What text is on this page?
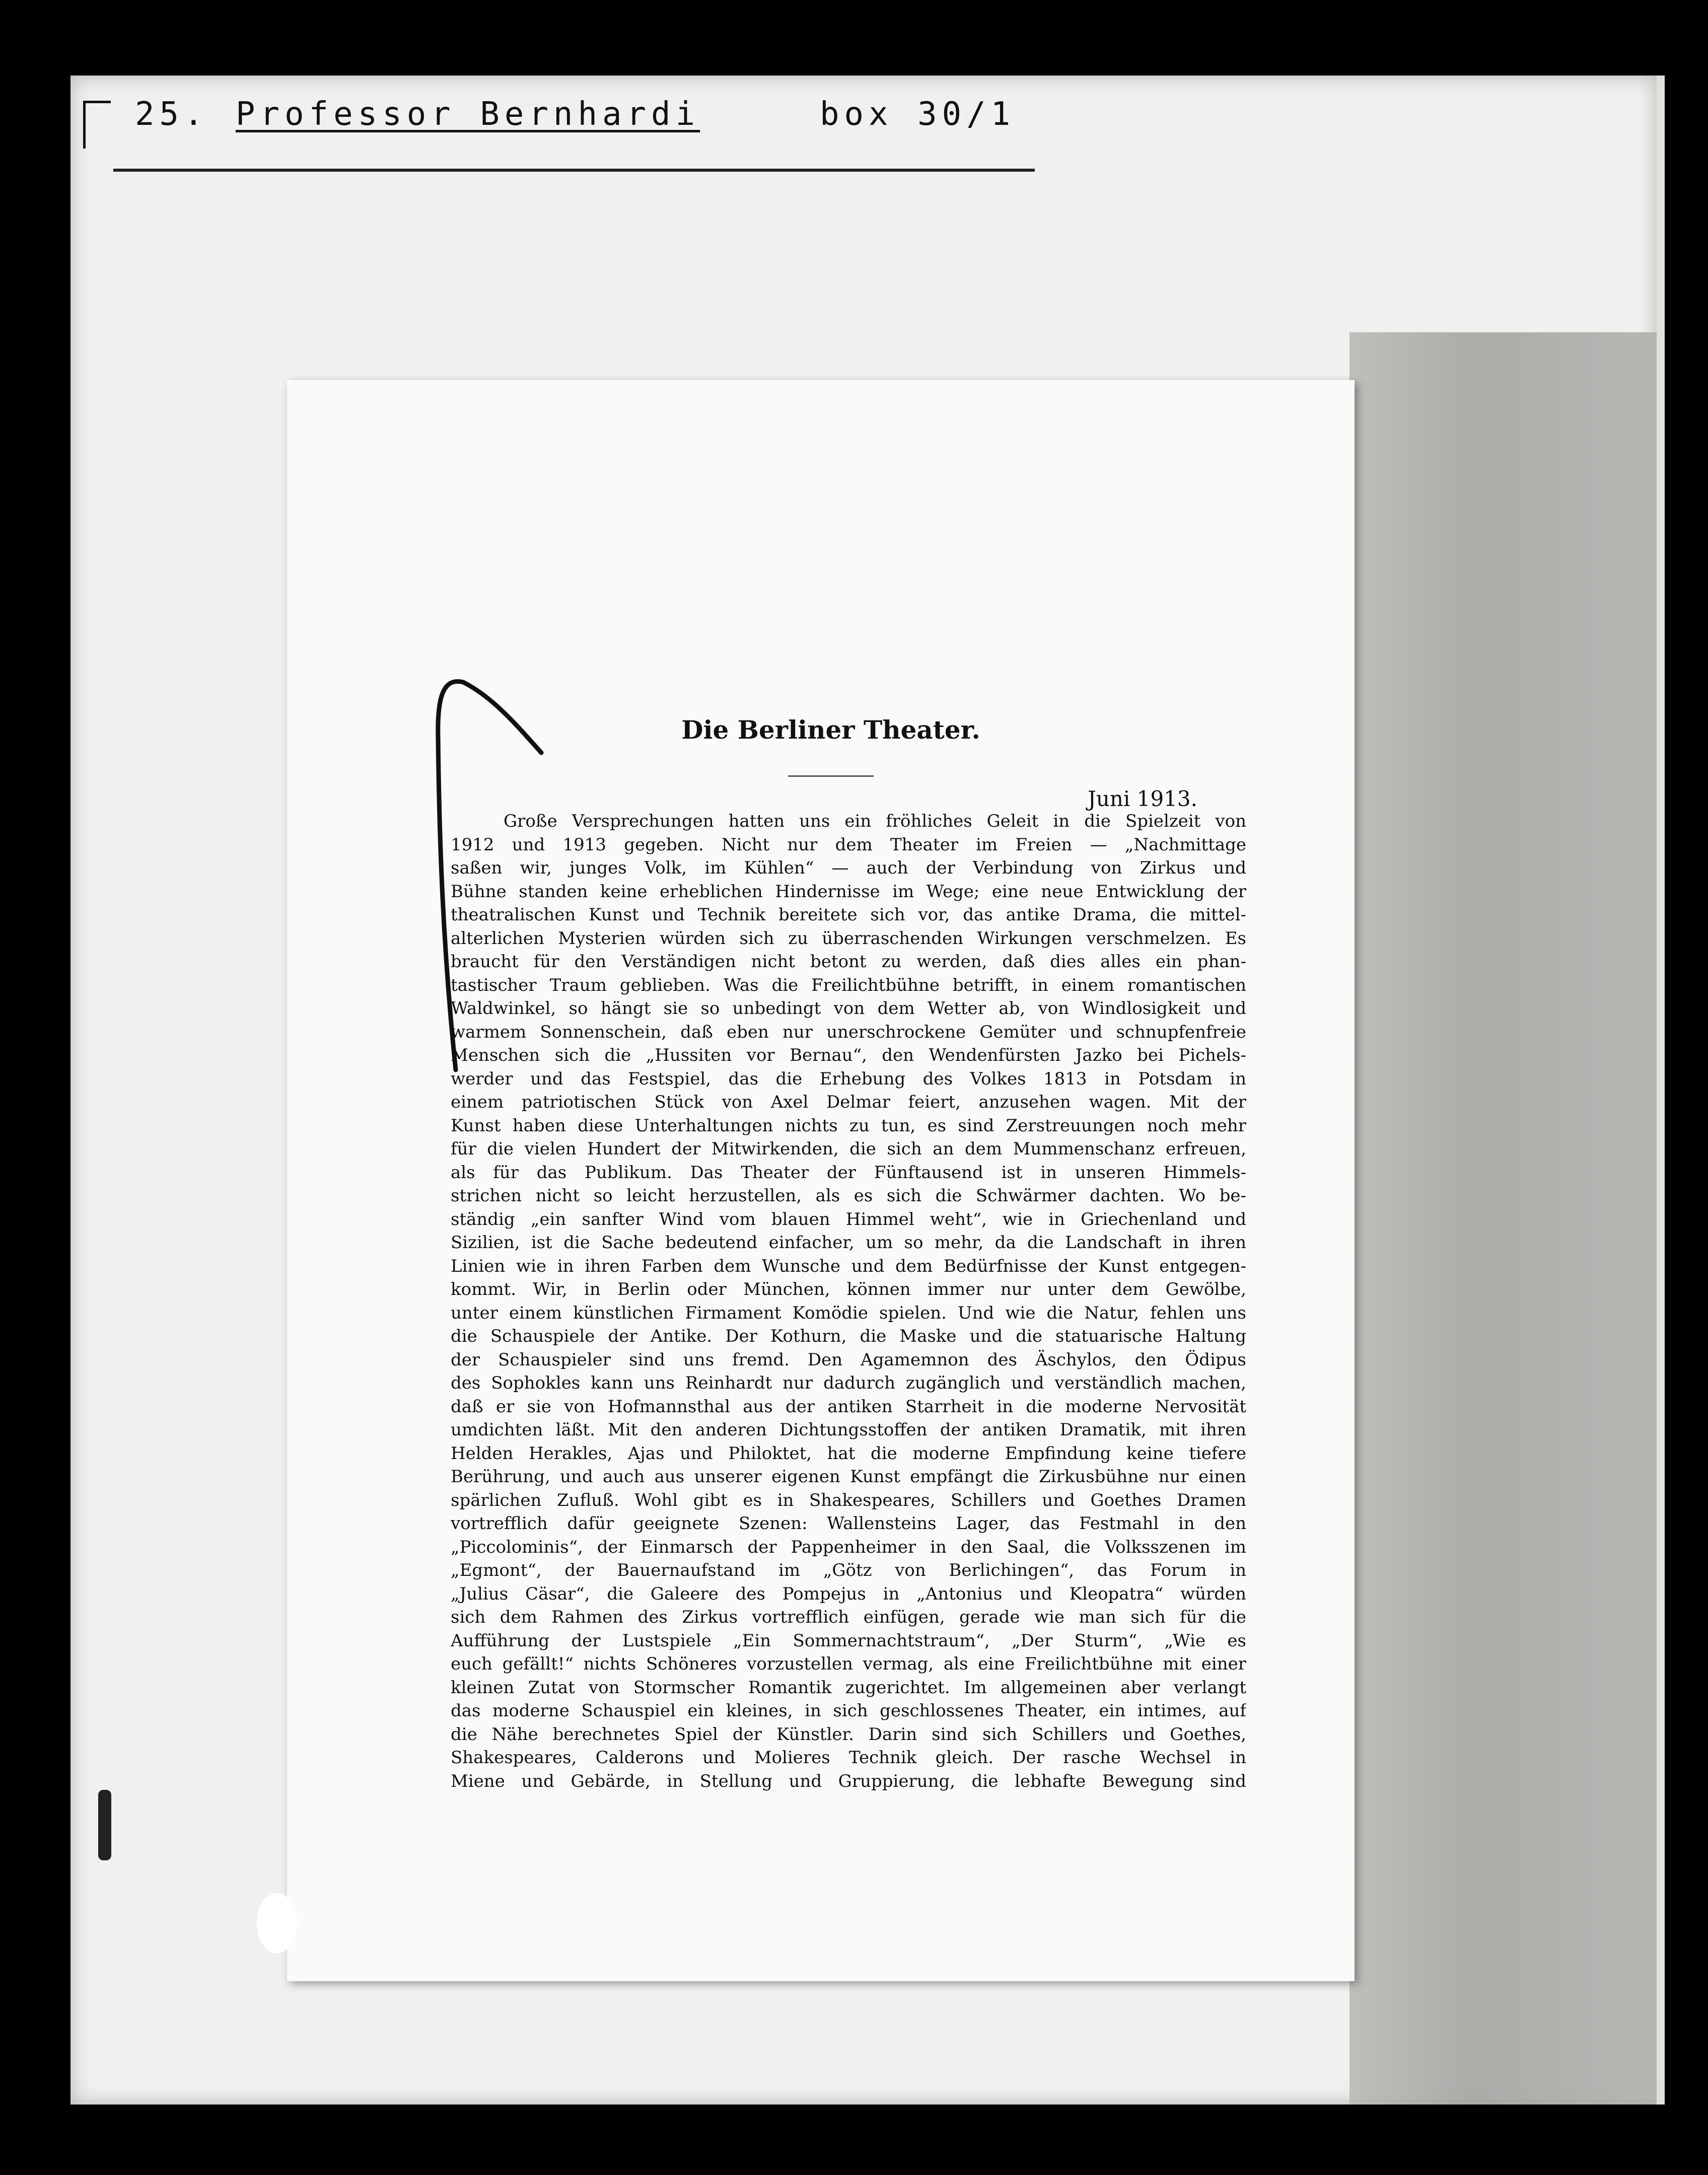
25. Professor Bernhardi	box 30/1
Die Berliner Theater.
Juni 1913.
Große Versprechungen hatten uns ein fröhliches Geleit in die Spielzeit von
1912 und 1913 gegeben. Nicht nur dem Theater im Freien — „Nachmittage
saßen wir, junges Volk, im Kühlen“ — auch der Verbindung von Zirkus und
Bühne standen keine erheblichen Hindernisse im Wege; eine neue Entwicklung der
theatralischen Kunst und Technik bereitete sich vor, das antike Drama, die mittel-
alterlichen Mysterien würden sich zu überraschenden Wirkungen verschmelzen. Es
braucht für den Verständigen nicht betont zu werden, daß dies alles ein phan-
tastischer Traum geblieben. Was die Freilichtbühne betrifft, in einem romantischen
Waldwinkel, so hängt sie so unbedingt von dem Wetter ab, von Windlosigkeit und
warmem Sonnenschein, daß eben nur unerschrockene Gemüter und schnupfenfreie
Menschen sich die „Hussiten vor Bernau“, den Wendenfürsten Jazko bei Pichels-
werder und das Festspiel, das die Erhebung des Volkes 1813 in Potsdam in
einem patriotischen Stück von Axel Delmar feiert, anzusehen wagen. Mit der
Kunst haben diese Unterhaltungen nichts zu tun, es sind Zerstreuungen noch mehr
für die vielen Hundert der Mitwirkenden, die sich an dem Mummenschanz erfreuen,
als für das Publikum. Das Theater der Fünftausend ist in unseren Himmels-
strichen nicht so leicht herzustellen, als es sich die Schwärmer dachten. Wo be-
ständig „ein sanfter Wind vom blauen Himmel weht“, wie in Griechenland und
Sizilien, ist die Sache bedeutend einfacher, um so mehr, da die Landschaft in ihren
Linien wie in ihren Farben dem Wunsche und dem Bedürfnisse der Kunst entgegen-
kommt. Wir, in Berlin oder München, können immer nur unter dem Gewölbe,
unter einem künstlichen Firmament Komödie spielen. Und wie die Natur, fehlen uns
die Schauspiele der Antike. Der Kothurn, die Maske und die statuarische Haltung
der Schauspieler sind uns fremd. Den Agamemnon des Äschylos, den Ödipus
des Sophokles kann uns Reinhardt nur dadurch zugänglich und verständlich machen,
daß er sie von Hofmannsthal aus der antiken Starrheit in die moderne Nervosität
umdichten läßt. Mit den anderen Dichtungsstoffen der antiken Dramatik, mit ihren
Helden Herakles, Ajas und Philoktet, hat die moderne Empfindung keine tiefere
Berührung, und auch aus unserer eigenen Kunst empfängt die Zirkusbühne nur einen
spärlichen Zufluß. Wohl gibt es in Shakespeares, Schillers und Goethes Dramen
vortrefflich dafür geeignete Szenen: Wallensteins Lager, das Festmahl in den
„Piccolominis“, der Einmarsch der Pappenheimer in den Saal, die Volksszenen im
„Egmont“, der Bauernaufstand im „Götz von Berlichingen“, das Forum in
„Julius Cäsar“, die Galeere des Pompejus in „Antonius und Kleopatra“ würden
sich dem Rahmen des Zirkus vortrefflich einfügen, gerade wie man sich für die
Aufführung der Lustspiele „Ein Sommernachtstraum“, „Der Sturm“, „Wie es
euch gefällt!“ nichts Schöneres vorzustellen vermag, als eine Freilichtbühne mit einer
kleinen Zutat von Stormscher Romantik zugerichtet. Im allgemeinen aber verlangt
das moderne Schauspiel ein kleines, in sich geschlossenes Theater, ein intimes, auf
die Nähe berechnetes Spiel der Künstler. Darin sind sich Schillers und Goethes,
Shakespeares, Calderons und Molieres Technik gleich. Der rasche Wechsel in
Miene und Gebärde, in Stellung und Gruppierung, die lebhafte Bewegung sind
